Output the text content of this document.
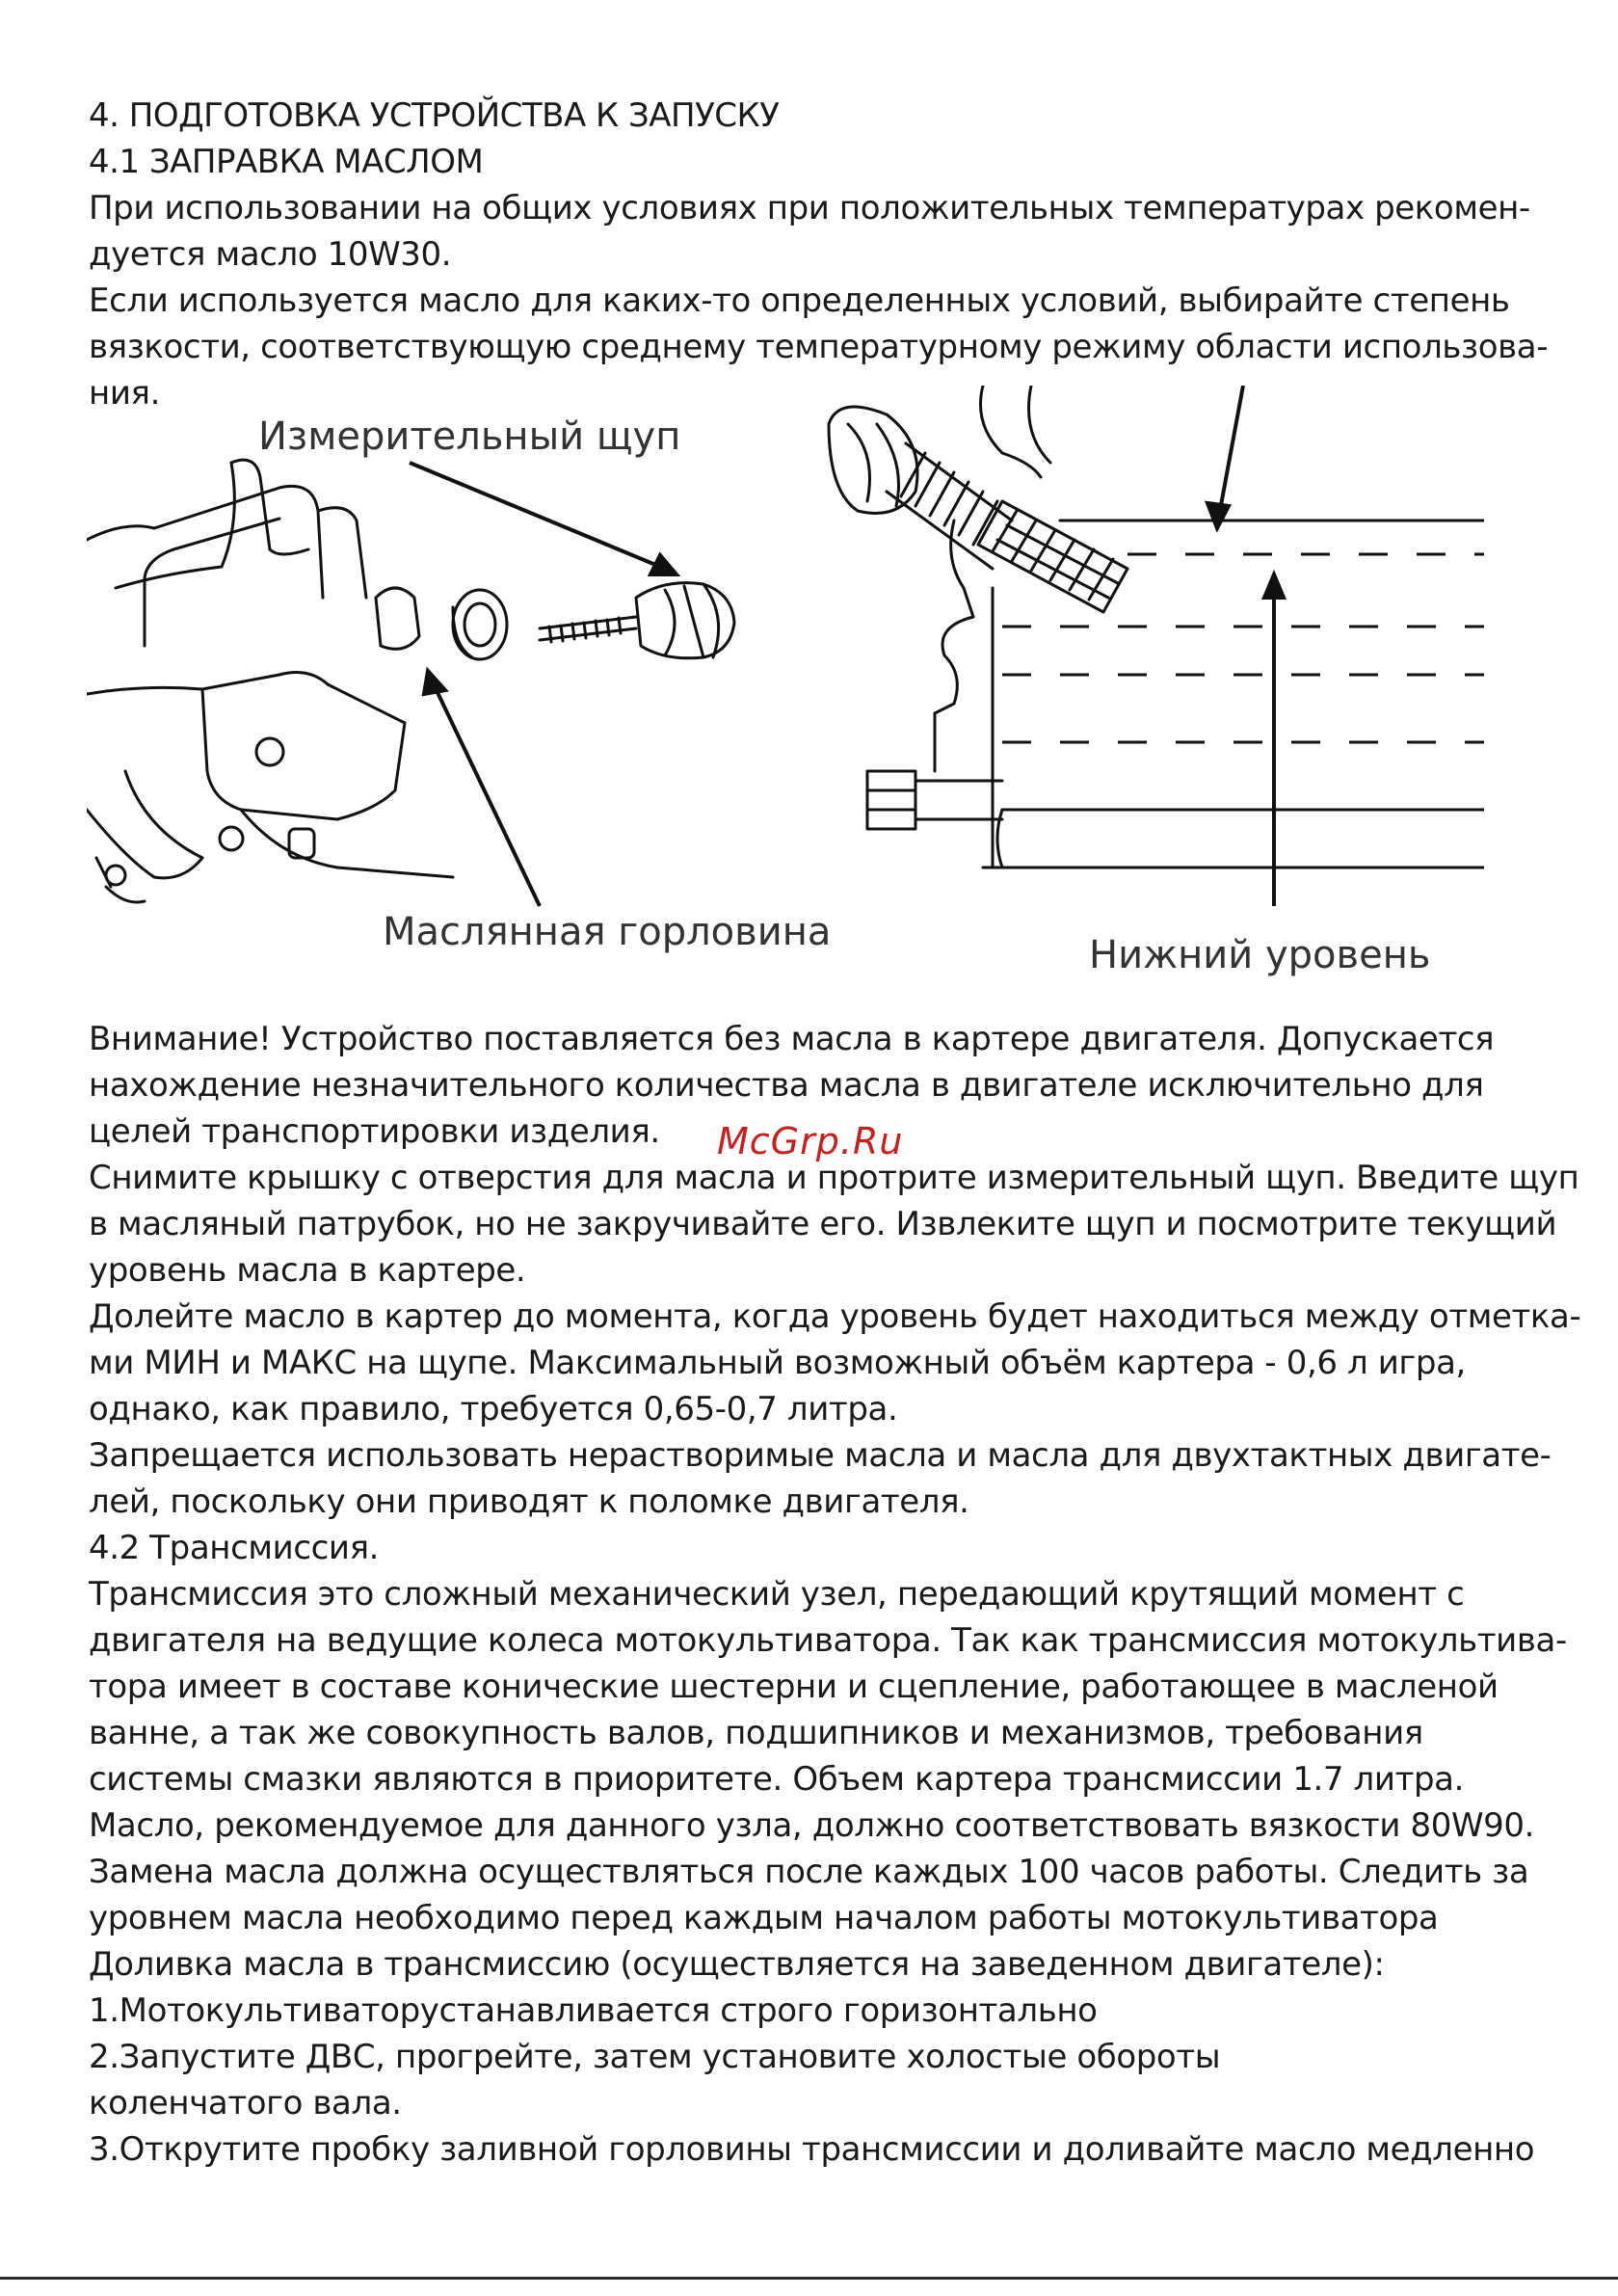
4. ПОДГОТОВКА УСТРОЙСТВА К ЗАПУСКУ
4.1 ЗАПРАВКА МАСЛОМ
При использовании на общих условиях при положительных температурах рекомен-
дуется масло 10W30.
Если используется масло для каких-то определенных условий, выбирайте степень
вязкости, соответствующую среднему температурному режиму области использова-
ния.
Измерительный щуп
Маслянная горловина
Нижний уровень
Внимание! Устройство поставляется без масла в картере двигателя. Допускается
нахождение незначительного количества масла в двигателе исключительно для
целей транспортировки изделия.
Снимите крышку с отверстия для масла и протрите измерительный щуп. Введите щуп
в масляный патрубок, но не закручивайте его. Извлеките щуп и посмотрите текущий
уровень масла в картере.
Долейте масло в картер до момента, когда уровень будет находиться между отметка-
ми МИН и МАКС на щупе. Максимальный возможный объём картера - 0,6 л игра,
однако, как правило, требуется 0,65-0,7 литра.
Запрещается использовать нерастворимые масла и масла для двухтактных двигате-
лей, поскольку они приводят к поломке двигателя.
4.2 Трансмиссия.
Трансмиссия это сложный механический узел, передающий крутящий момент с
двигателя на ведущие колеса мотокультиватора. Так как трансмиссия мотокультива-
тора имеет в составе конические шестерни и сцепление, работающее в масленой
ванне, а так же совокупность валов, подшипников и механизмов, требования
системы смазки являются в приоритете. Объем картера трансмиссии 1.7 литра.
Масло, рекомендуемое для данного узла, должно соответствовать вязкости 80W90.
Замена масла должна осуществляться после каждых 100 часов работы. Следить за
уровнем масла необходимо перед каждым началом работы мотокультиватора
Доливка масла в трансмиссию (осуществляется на заведенном двигателе):
1.Мотокультиваторустанавливается строго горизонтально
2.Запустите ДВС, прогрейте, затем установите холостые обороты
коленчатого вала.
3.Открутите пробку заливной горловины трансмиссии и доливайте масло медленно
McGrp.Ru
